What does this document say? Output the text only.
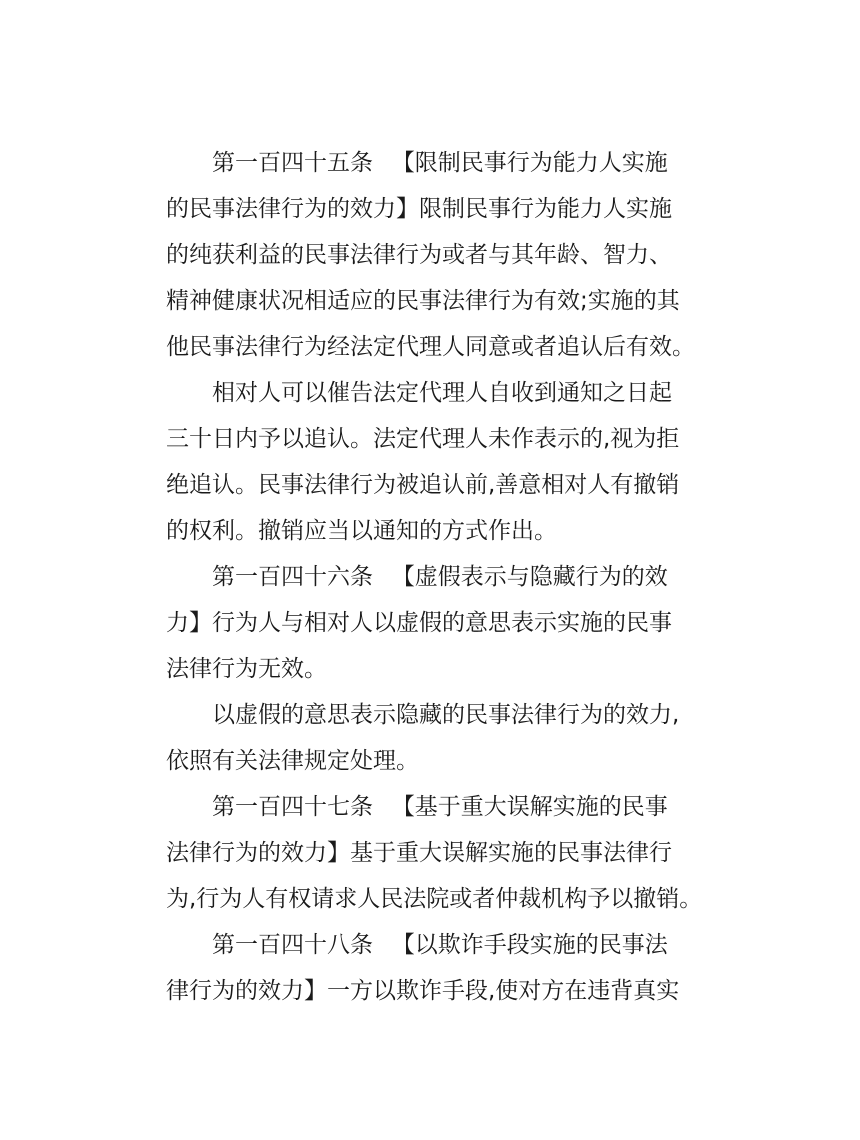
第一百四十五条 　【限制民事行为能力人实施
的民事法律行为的效力】限制民事行为能力人实施
的纯获利益的民事法律行为或者与其年龄、智力、
精神健康状况相适应的民事法律行为有效;实施的其
他民事法律行为经法定代理人同意或者追认后有效。
相对人可以催告法定代理人自收到通知之日起
三十日内予以追认。法定代理人未作表示的,视为拒
绝追认。民事法律行为被追认前,善意相对人有撤销
的权利。撤销应当以通知的方式作出。
第一百四十六条 　【虚假表示与隐藏行为的效
力】行为人与相对人以虚假的意思表示实施的民事
法律行为无效。
以虚假的意思表示隐藏的民事法律行为的效力,
依照有关法律规定处理。
第一百四十七条 　【基于重大误解实施的民事
法律行为的效力】基于重大误解实施的民事法律行
为,行为人有权请求人民法院或者仲裁机构予以撤销。
第一百四十八条 　【以欺诈手段实施的民事法
律行为的效力】一方以欺诈手段,使对方在违背真实
